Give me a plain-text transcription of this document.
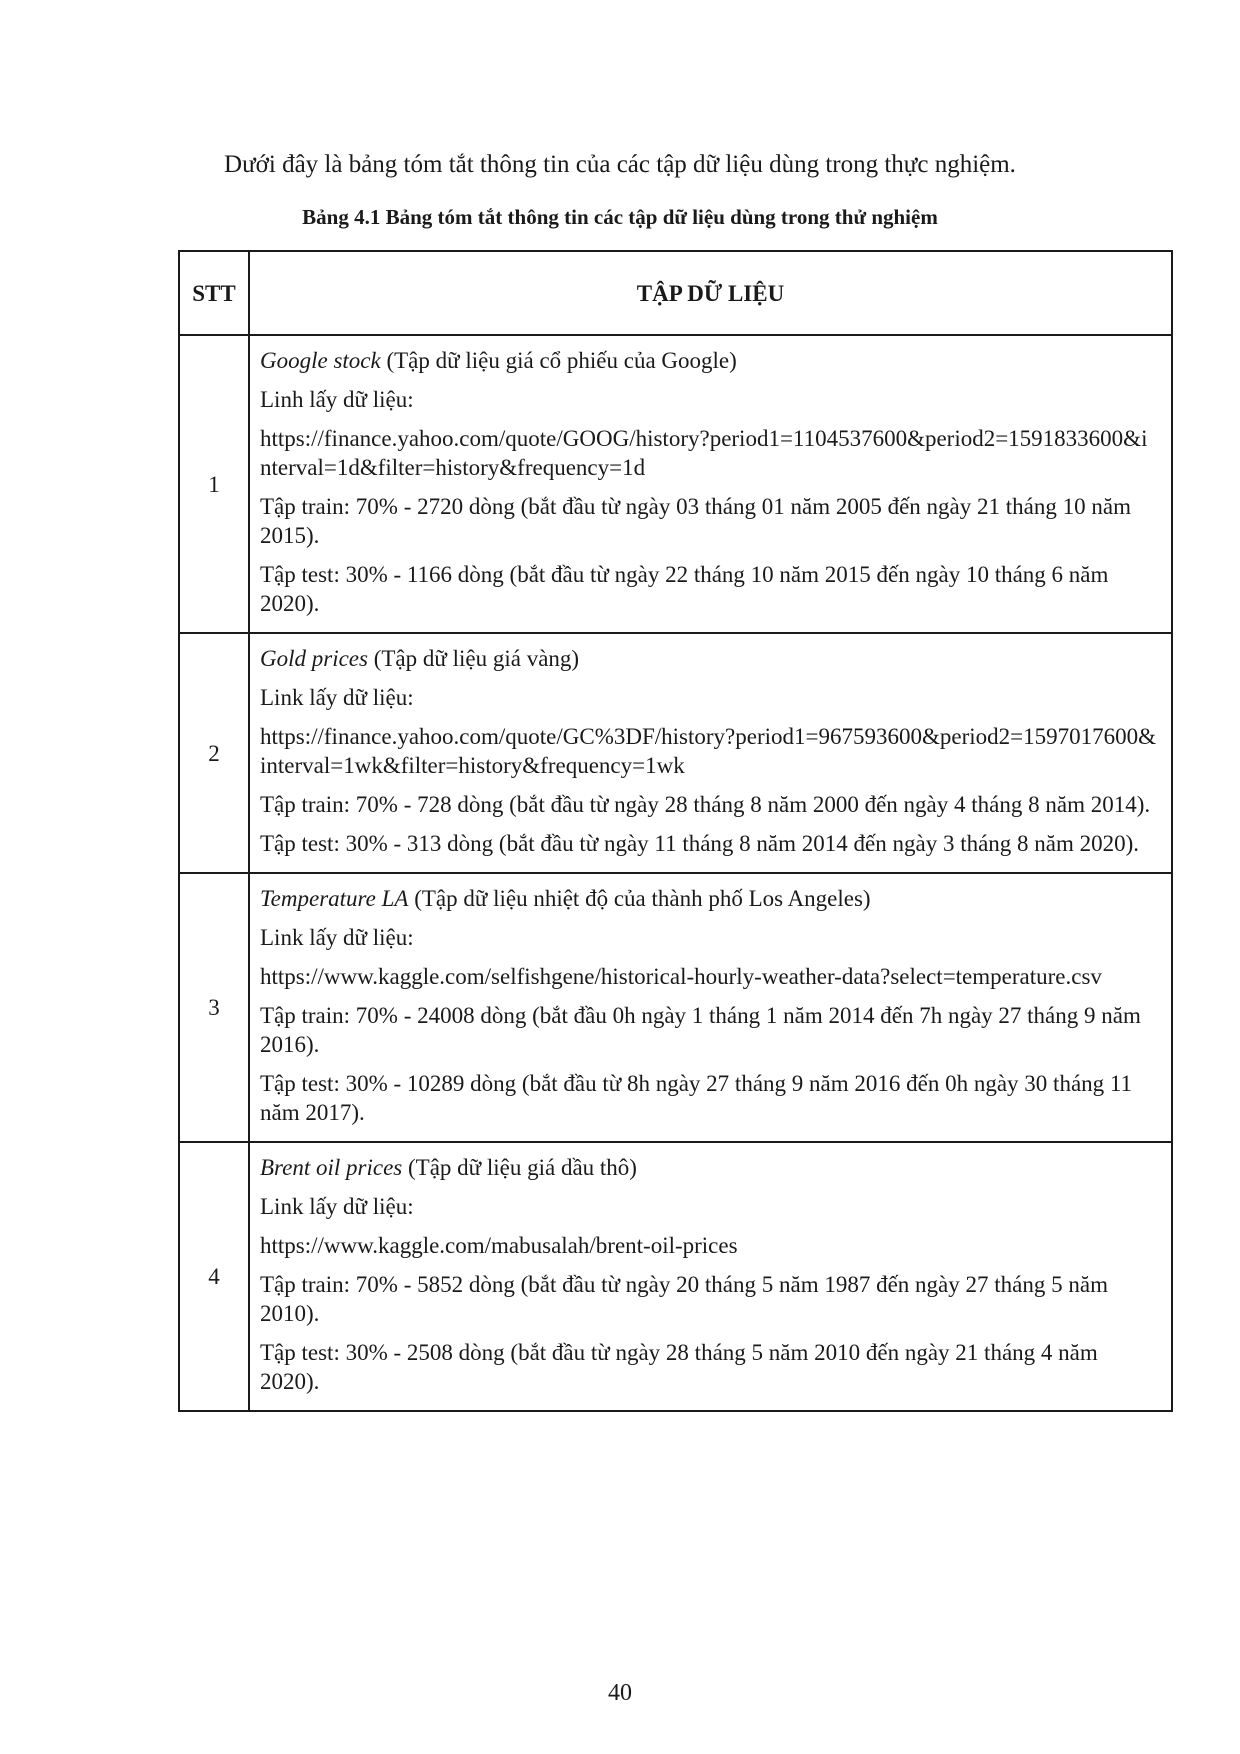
Dưới đây là bảng tóm tắt thông tin của các tập dữ liệu dùng trong thực nghiệm.

Bảng 4.1 Bảng tóm tắt thông tin các tập dữ liệu dùng trong thử nghiệm

STT	TẬP DỮ LIỆU
1	Google stock (Tập dữ liệu giá cổ phiếu của Google)

Linh lấy dữ liệu:

https://finance.yahoo.com/quote/GOOG/history?period1=1104537600&period2=1591833600&interval=1d&filter=history&frequency=1d

Tập train: 70% - 2720 dòng (bắt đầu từ ngày 03 tháng 01 năm 2005 đến ngày 21 tháng 10 năm 2015).

Tập test: 30% - 1166 dòng (bắt đầu từ ngày 22 tháng 10 năm 2015 đến ngày 10 tháng 6 năm 2020).

2	Gold prices (Tập dữ liệu giá vàng)

Link lấy dữ liệu:

https://finance.yahoo.com/quote/GC%3DF/history?period1=967593600&period2=1597017600&interval=1wk&filter=history&frequency=1wk

Tập train: 70% - 728 dòng (bắt đầu từ ngày 28 tháng 8 năm 2000 đến ngày 4 tháng 8 năm 2014).

Tập test: 30% - 313 dòng (bắt đầu từ ngày 11 tháng 8 năm 2014 đến ngày 3 tháng 8 năm 2020).

3	Temperature LA (Tập dữ liệu nhiệt độ của thành phố Los Angeles)

Link lấy dữ liệu:

https://www.kaggle.com/selfishgene/historical-hourly-weather-data?select=temperature.csv

Tập train: 70% - 24008 dòng (bắt đầu 0h ngày 1 tháng 1 năm 2014 đến 7h ngày 27 tháng 9 năm 2016).

Tập test: 30% - 10289 dòng (bắt đầu từ 8h ngày 27 tháng 9 năm 2016 đến 0h ngày 30 tháng 11 năm 2017).

4	Brent oil prices (Tập dữ liệu giá dầu thô)

Link lấy dữ liệu:

https://www.kaggle.com/mabusalah/brent-oil-prices

Tập train: 70% - 5852 dòng (bắt đầu từ ngày 20 tháng 5 năm 1987 đến ngày 27 tháng 5 năm 2010).

Tập test: 30% - 2508 dòng (bắt đầu từ ngày 28 tháng 5 năm 2010 đến ngày 21 tháng 4 năm 2020).

40
